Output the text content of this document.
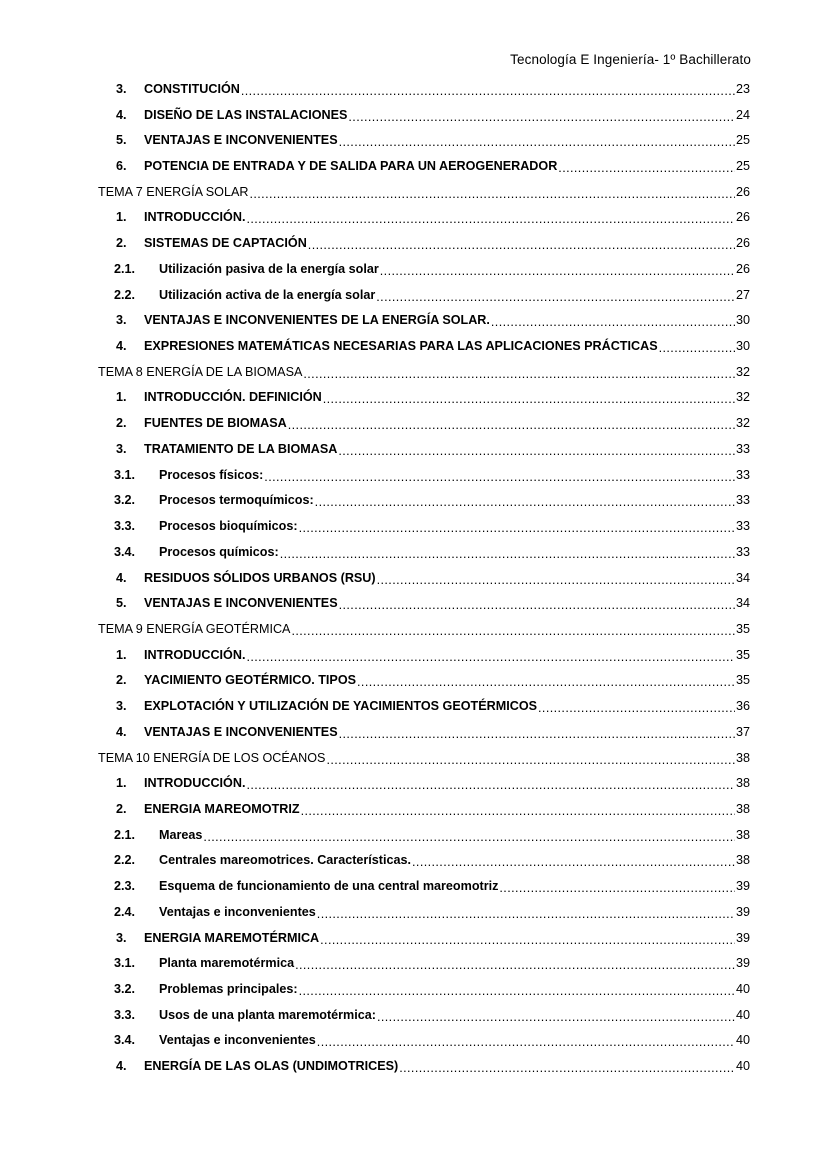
Tecnología E Ingeniería- 1º Bachillerato
3.	CONSTITUCIÓN .....	23
4.	DISEÑO DE LAS INSTALACIONES .....	24
5.	VENTAJAS E INCONVENIENTES .....	25
6.	POTENCIA DE ENTRADA Y DE SALIDA PARA UN AEROGENERADOR .....	25
TEMA 7 ENERGÍA SOLAR .....	26
1.	INTRODUCCIÓN. .....	26
2.	SISTEMAS DE CAPTACIÓN .....	26
2.1.	Utilización pasiva de la energía solar .....	26
2.2.	Utilización activa de la energía solar .....	27
3.	VENTAJAS E INCONVENIENTES DE LA ENERGÍA SOLAR. .....	30
4.	EXPRESIONES MATEMÁTICAS NECESARIAS PARA LAS APLICACIONES PRÁCTICAS .....	30
TEMA 8 ENERGÍA DE LA BIOMASA .....	32
1.	INTRODUCCIÓN. DEFINICIÓN .....	32
2.	FUENTES DE BIOMASA .....	32
3.	TRATAMIENTO DE LA BIOMASA .....	33
3.1.	Procesos físicos: .....	33
3.2.	Procesos termoquímicos: .....	33
3.3.	Procesos bioquímicos: .....	33
3.4.	Procesos químicos: .....	33
4.	RESIDUOS SÓLIDOS URBANOS (RSU) .....	34
5.	VENTAJAS E INCONVENIENTES .....	34
TEMA 9 ENERGÍA GEOTÉRMICA .....	35
1.	INTRODUCCIÓN. .....	35
2.	YACIMIENTO GEOTÉRMICO. TIPOS .....	35
3.	EXPLOTACIÓN Y UTILIZACIÓN DE YACIMIENTOS GEOTÉRMICOS .....	36
4.	VENTAJAS E INCONVENIENTES .....	37
TEMA 10 ENERGÍA DE LOS OCÉANOS .....	38
1.	INTRODUCCIÓN. .....	38
2.	ENERGIA MAREOMOTRIZ .....	38
2.1.	Mareas .....	38
2.2.	Centrales mareomotrices. Características. .....	38
2.3.	Esquema de funcionamiento de una central mareomotriz .....	39
2.4.	Ventajas e inconvenientes .....	39
3.	ENERGIA MAREMOTÉRMICA .....	39
3.1.	Planta maremotérmica .....	39
3.2.	Problemas principales: .....	40
3.3.	Usos de una planta maremotérmica: .....	40
3.4.	Ventajas e inconvenientes .....	40
4.	ENERGÍA DE LAS OLAS (UNDIMOTRICES) .....	40
